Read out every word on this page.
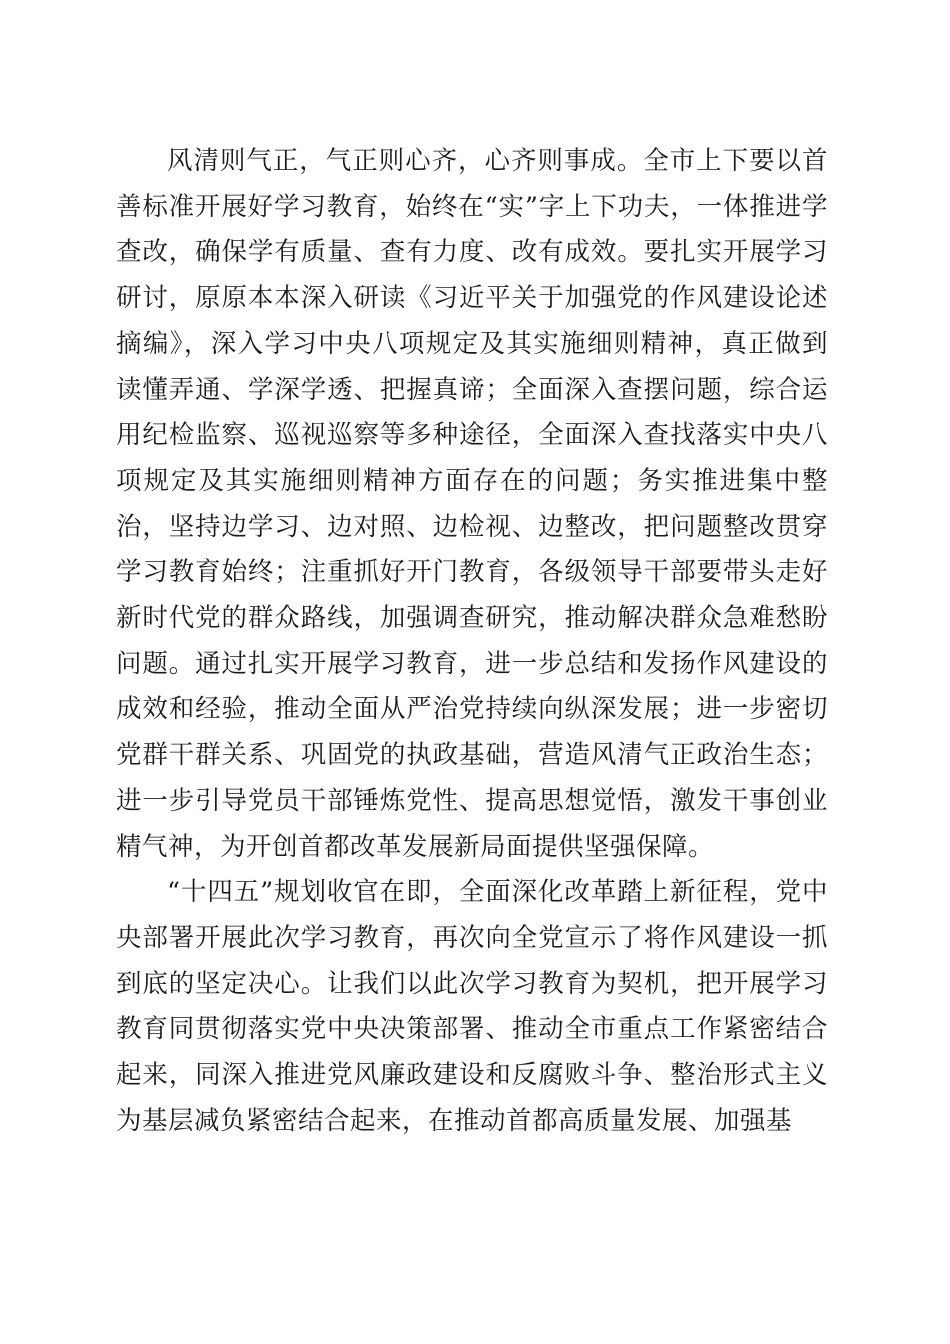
风清则气正，气正则心齐，心齐则事成。全市上下要以首善标准开展好学习教育，始终在“实”字上下功夫，一体推进学查改，确保学有质量、查有力度、改有成效。要扎实开展学习研讨，原原本本深入研读《习近平关于加强党的作风建设论述摘编》，深入学习中央八项规定及其实施细则精神，真正做到读懂弄通、学深学透、把握真谛；全面深入查摆问题，综合运用纪检监察、巡视巡察等多种途径，全面深入查找落实中央八项规定及其实施细则精神方面存在的问题；务实推进集中整治，坚持边学习、边对照、边检视、边整改，把问题整改贯穿学习教育始终；注重抓好开门教育，各级领导干部要带头走好新时代党的群众路线，加强调查研究，推动解决群众急难愁盼问题。通过扎实开展学习教育，进一步总结和发扬作风建设的成效和经验，推动全面从严治党持续向纵深发展；进一步密切党群干群关系、巩固党的执政基础，营造风清气正政治生态；进一步引导党员干部锤炼党性、提高思想觉悟，激发干事创业精气神，为开创首都改革发展新局面提供坚强保障。

“十四五”规划收官在即，全面深化改革踏上新征程，党中央部署开展此次学习教育，再次向全党宣示了将作风建设一抓到底的坚定决心。让我们以此次学习教育为契机，把开展学习教育同贯彻落实党中央决策部署、推动全市重点工作紧密结合起来，同深入推进党风廉政建设和反腐败斗争、整治形式主义为基层减负紧密结合起来，在推动首都高质量发展、加强基
